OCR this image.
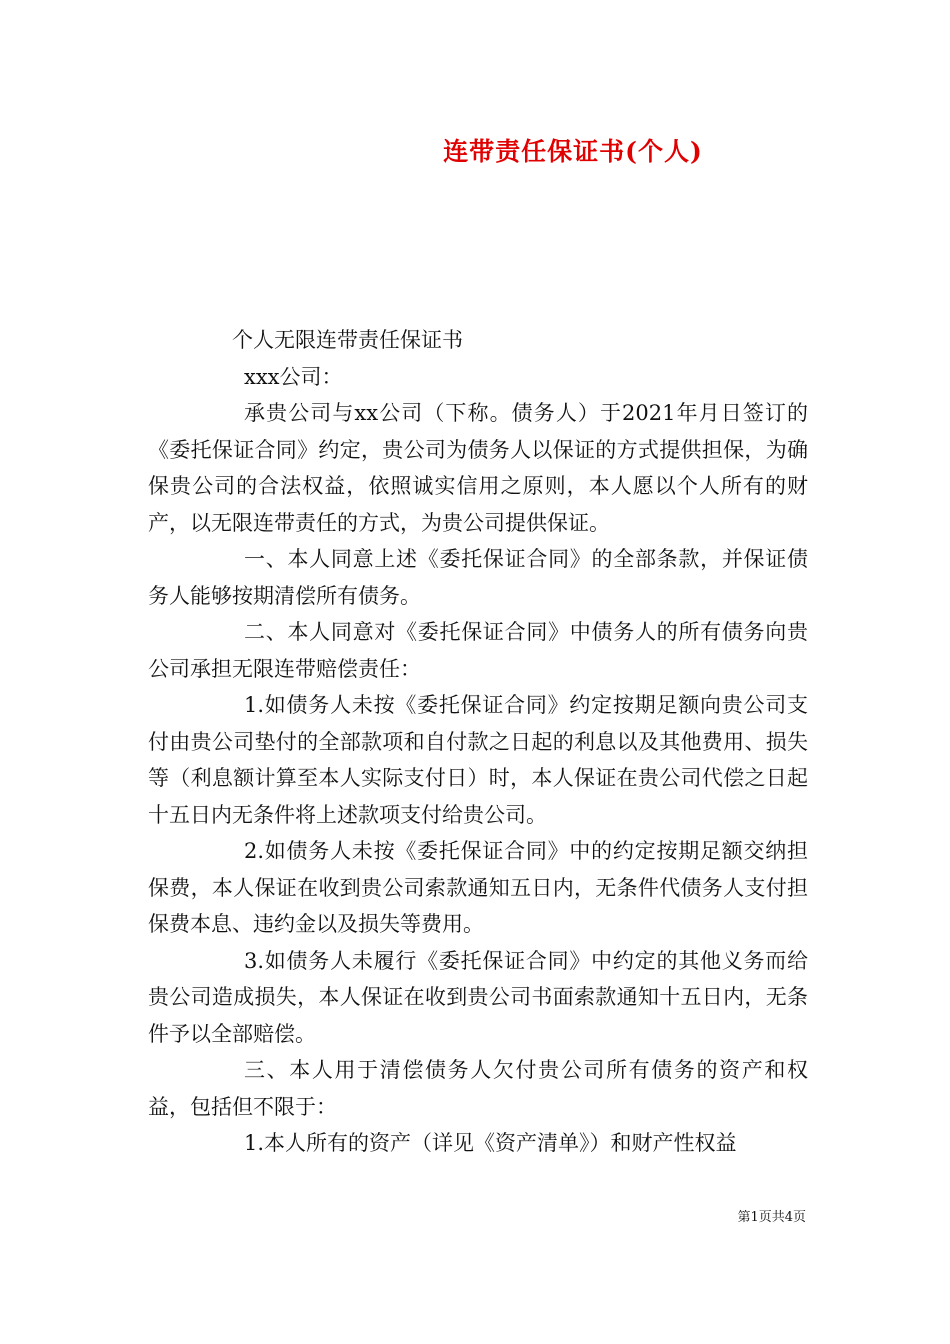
连带责任保证书(个人)

个人无限连带责任保证书

xxx公司：

承贵公司与xx公司（下称。债务人）于2021年月日签订的《委托保证合同》约定，贵公司为债务人以保证的方式提供担保，为确保贵公司的合法权益，依照诚实信用之原则，本人愿以个人所有的财产，以无限连带责任的方式，为贵公司提供保证。

一、本人同意上述《委托保证合同》的全部条款，并保证债务人能够按期清偿所有债务。

二、本人同意对《委托保证合同》中债务人的所有债务向贵公司承担无限连带赔偿责任：

1.如债务人未按《委托保证合同》约定按期足额向贵公司支付由贵公司垫付的全部款项和自付款之日起的利息以及其他费用、损失等（利息额计算至本人实际支付日）时，本人保证在贵公司代偿之日起十五日内无条件将上述款项支付给贵公司。

2.如债务人未按《委托保证合同》中的约定按期足额交纳担保费，本人保证在收到贵公司索款通知五日内，无条件代债务人支付担保费本息、违约金以及损失等费用。

3.如债务人未履行《委托保证合同》中约定的其他义务而给贵公司造成损失，本人保证在收到贵公司书面索款通知十五日内，无条件予以全部赔偿。

三、本人用于清偿债务人欠付贵公司所有债务的资产和权益，包括但不限于：

1.本人所有的资产（详见《资产清单》）和财产性权益

第1页共4页
